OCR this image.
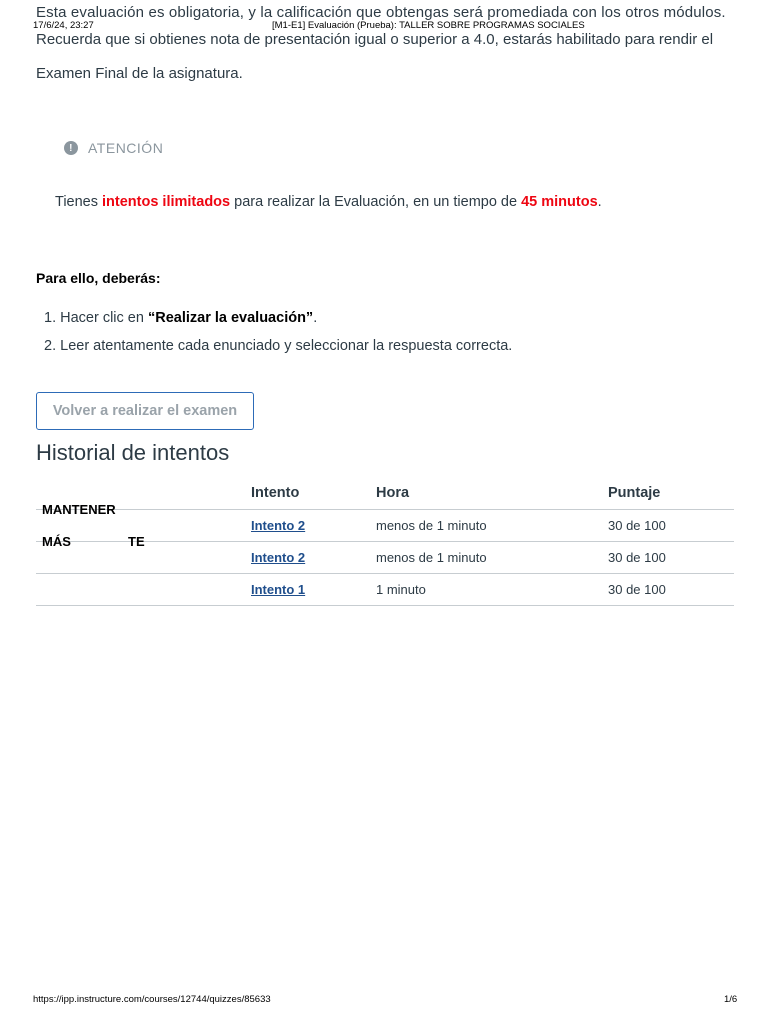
17/6/24, 23:27	[M1-E1] Evaluación (Prueba): TALLER SOBRE PROGRAMAS SOCIALES
Esta evaluación es obligatoria, y la calificación que obtengas será promediada con los otros módulos.
Recuerda que si obtienes nota de presentación igual o superior a 4.0, estarás habilitado para rendir el
Examen Final de la asignatura.
!	ATENCIÓN
Tienes intentos ilimitados para realizar la Evaluación, en un tiempo de 45 minutos.
Para ello, deberás:
1. Hacer clic en “Realizar la evaluación”.
2. Leer atentamente cada enunciado y seleccionar la respuesta correcta.
Volver a realizar el examen
Historial de intentos
	Intento	Hora	Puntaje

MANTENER	Intento 2	menos de 1 minuto	30 de 100

MÁS TE	Intento 2	menos de 1 minuto	30 de 100

	Intento 1	1 minuto	30 de 100
https://ipp.instructure.com/courses/12744/quizzes/85633	1/6
